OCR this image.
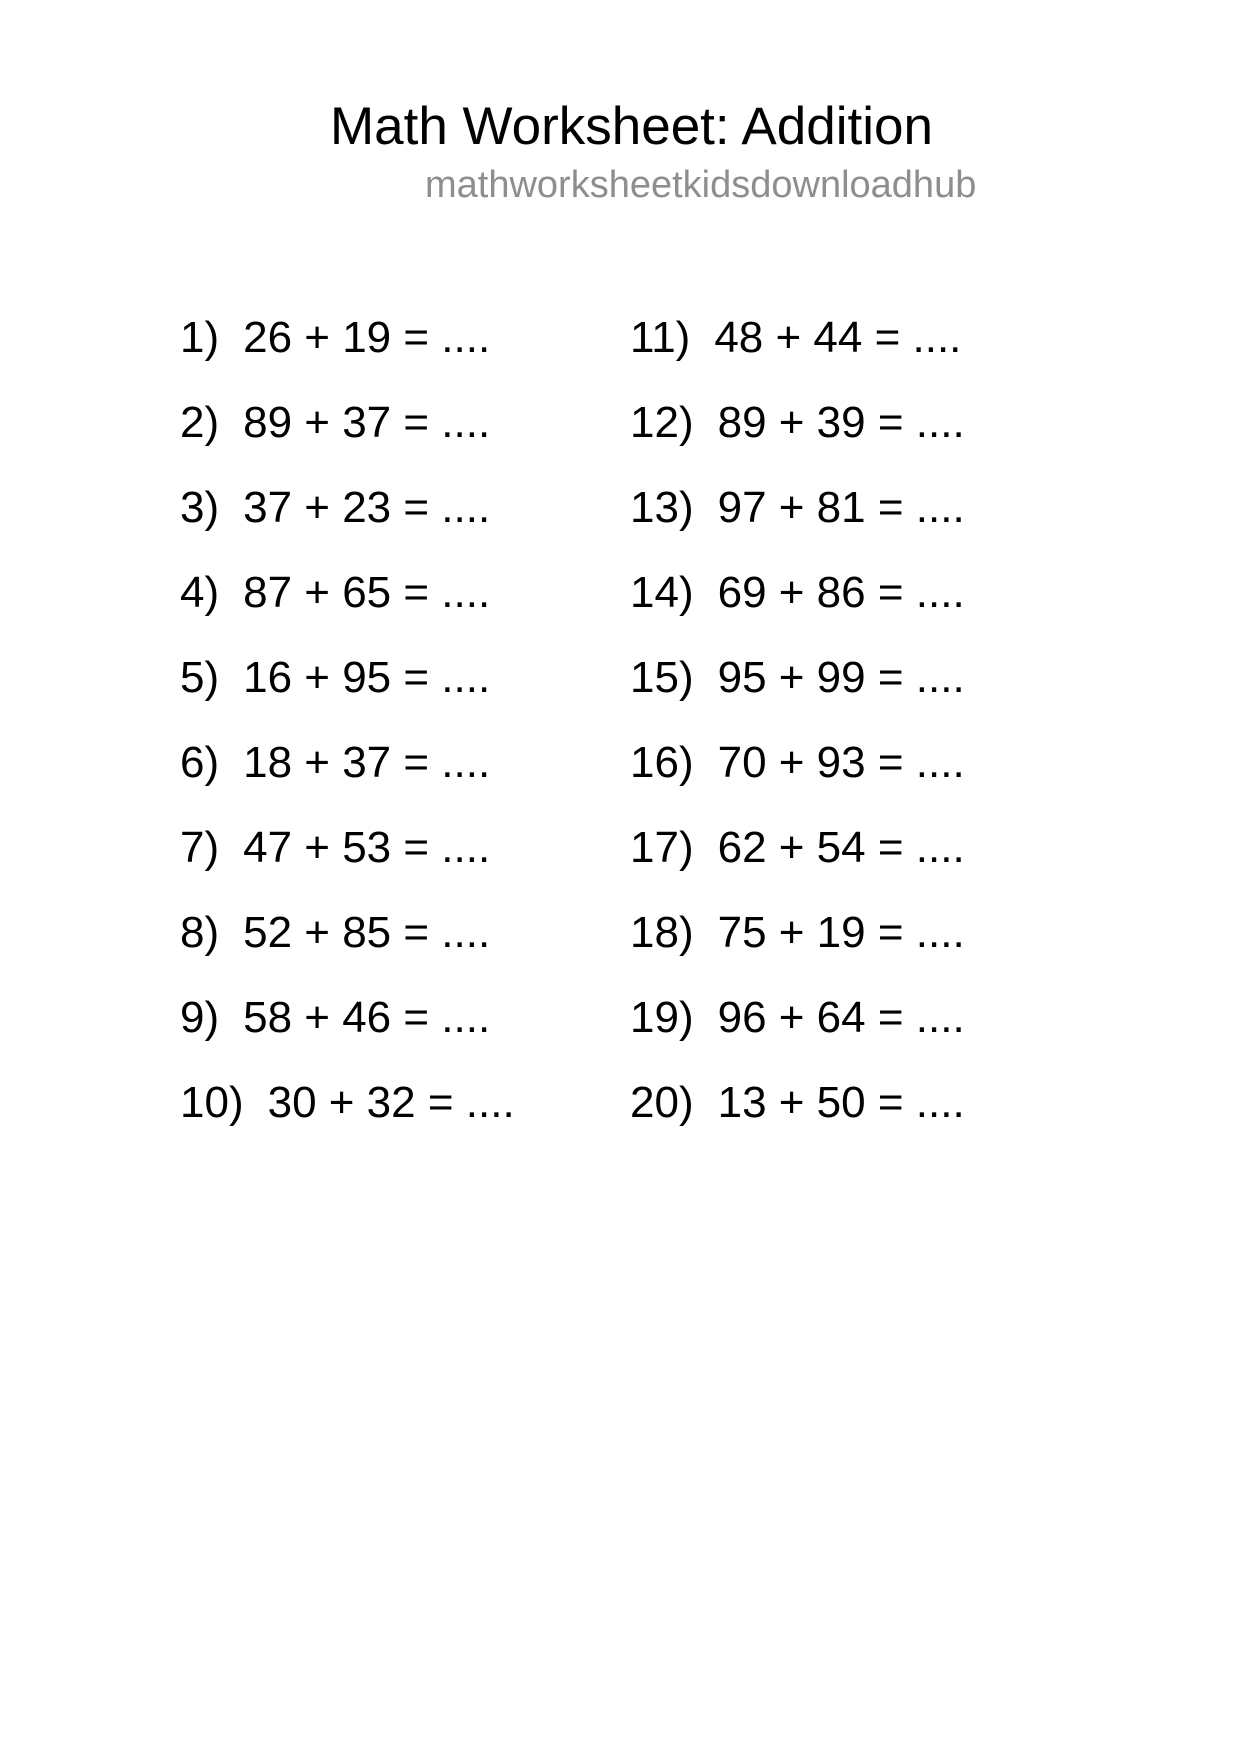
Math Worksheet: Addition
mathworksheetkidsdownloadhub
1) 26 + 19 = ....
2) 89 + 37 = ....
3) 37 + 23 = ....
4) 87 + 65 = ....
5) 16 + 95 = ....
6) 18 + 37 = ....
7) 47 + 53 = ....
8) 52 + 85 = ....
9) 58 + 46 = ....
10) 30 + 32 = ....
11) 48 + 44 = ....
12) 89 + 39 = ....
13) 97 + 81 = ....
14) 69 + 86 = ....
15) 95 + 99 = ....
16) 70 + 93 = ....
17) 62 + 54 = ....
18) 75 + 19 = ....
19) 96 + 64 = ....
20) 13 + 50 = ....
